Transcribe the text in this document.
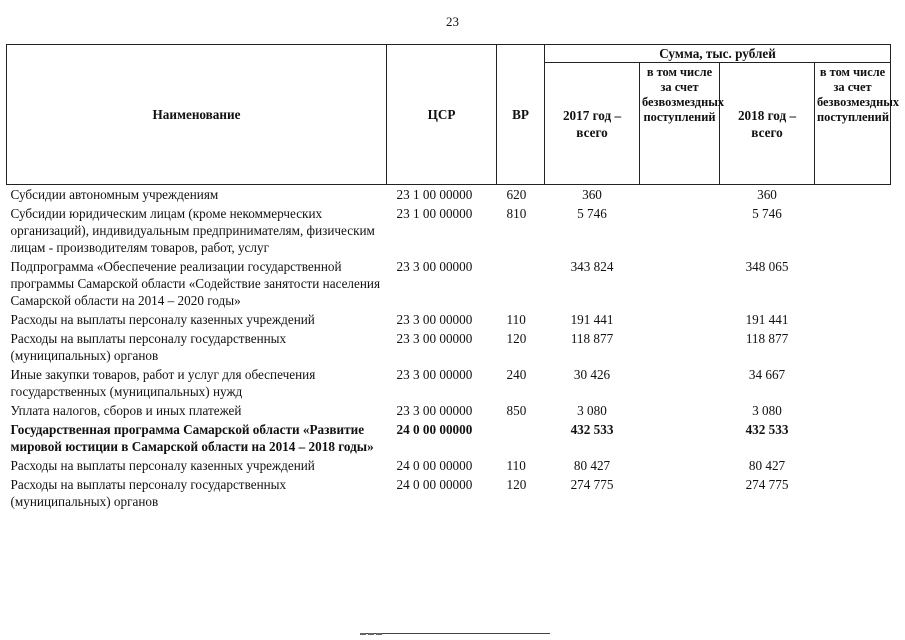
23
Наименование	ЦСР	ВР	Сумма, тыс. рублей			
			2017 год – всего	в том числе за счет безвозмездных поступлений	2018 год – всего	в том числе за счет безвозмездных поступлений
Субсидии автономным учреждениям	23 1 00 00000	620	360		360	
Субсидии юридическим лицам (кроме некоммерческих организаций), индивидуальным предпринимателям, физическим лицам - производителям товаров, работ, услуг	23 1 00 00000	810	5 746		5 746	
Подпрограмма «Обеспечение реализации государственной программы Самарской области «Содействие занятости населения Самарской области на 2014 – 2020 годы»	23 3 00 00000		343 824		348 065	
Расходы на выплаты персоналу казенных учреждений	23 3 00 00000	110	191 441		191 441	
Расходы на выплаты персоналу государственных (муниципальных) органов	23 3 00 00000	120	118 877		118 877	
Иные закупки товаров, работ и услуг для обеспечения государственных (муниципальных) нужд	23 3 00 00000	240	30 426		34 667	
Уплата налогов, сборов и иных платежей	23 3 00 00000	850	3 080		3 080	
Государственная программа Самарской области «Развитие мировой юстиции в Самарской области на 2014 – 2018 годы»	24 0 00 00000		432 533		432 533	
Расходы на выплаты персоналу казенных учреждений	24 0 00 00000	110	80 427		80 427	
Расходы на выплаты персоналу государственных (муниципальных) органов	24 0 00 00000	120	274 775		274 775	
